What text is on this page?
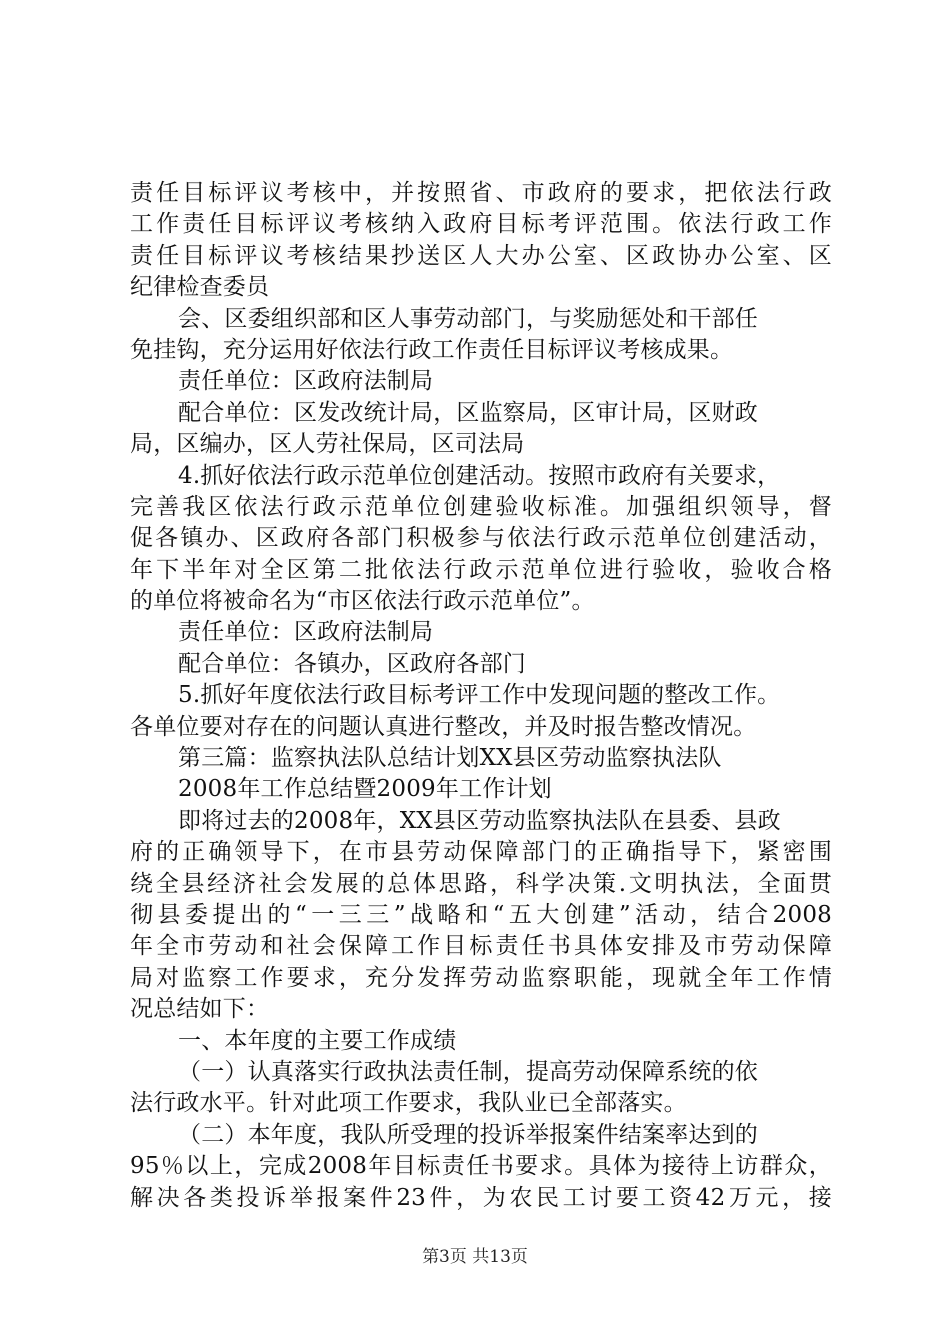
责任目标评议考核中，并按照省、市政府的要求，把依法行政
工作责任目标评议考核纳入政府目标考评范围。依法行政工作
责任目标评议考核结果抄送区人大办公室、区政协办公室、区
纪律检查委员
会、区委组织部和区人事劳动部门，与奖励惩处和干部任
免挂钩，充分运用好依法行政工作责任目标评议考核成果。
责任单位：区政府法制局
配合单位：区发改统计局，区监察局，区审计局，区财政
局，区编办，区人劳社保局，区司法局
4.抓好依法行政示范单位创建活动。按照市政府有关要求，
完善我区依法行政示范单位创建验收标准。加强组织领导，督
促各镇办、区政府各部门积极参与依法行政示范单位创建活动，
年下半年对全区第二批依法行政示范单位进行验收，验收合格
的单位将被命名为“市区依法行政示范单位”。
责任单位：区政府法制局
配合单位：各镇办，区政府各部门
5.抓好年度依法行政目标考评工作中发现问题的整改工作。
各单位要对存在的问题认真进行整改，并及时报告整改情况。
第三篇：监察执法队总结计划XX县区劳动监察执法队
2008年工作总结暨2009年工作计划
即将过去的2008年，XX县区劳动监察执法队在县委、县政
府的正确领导下，在市县劳动保障部门的正确指导下，紧密围
绕全县经济社会发展的总体思路，科学决策.文明执法，全面贯
彻县委提出的“一三三”战略和“五大创建”活动，结合2008
年全市劳动和社会保障工作目标责任书具体安排及市劳动保障
局对监察工作要求，充分发挥劳动监察职能，现就全年工作情
况总结如下：
一、本年度的主要工作成绩
（一）认真落实行政执法责任制，提高劳动保障系统的依
法行政水平。针对此项工作要求，我队业已全部落实。
（二）本年度，我队所受理的投诉举报案件结案率达到的
95％以上，完成2008年目标责任书要求。具体为接待上访群众，
解决各类投诉举报案件23件，为农民工讨要工资42万元，接
第3页 共13页
